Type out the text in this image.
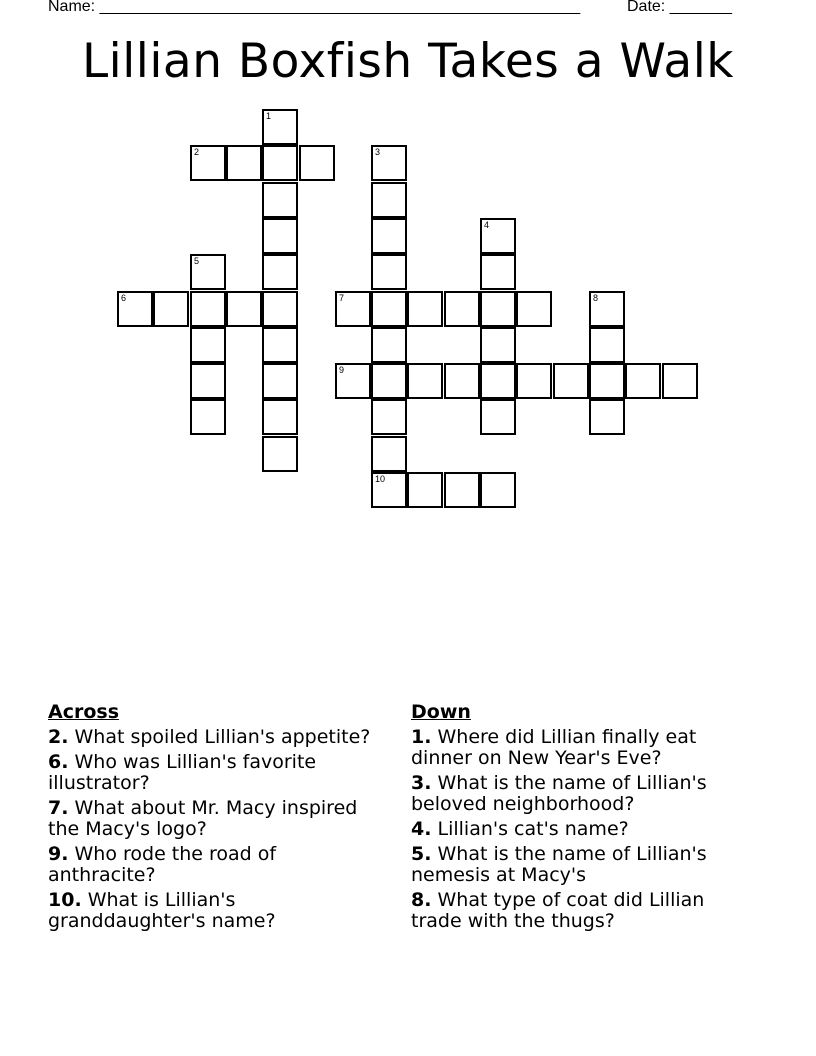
Name: ______________________________________________________	Date: _______
Lillian Boxfish Takes a Walk
1
2	3
4
5
6	7	8
9
10
Across
2. What spoiled Lillian's appetite?
6. Who was Lillian's favorite illustrator?
7. What about Mr. Macy inspired the Macy's logo?
9. Who rode the road of anthracite?
10. What is Lillian's granddaughter's name?
Down
1. Where did Lillian finally eat dinner on New Year's Eve?
3. What is the name of Lillian's beloved neighborhood?
4. Lillian's cat's name?
5. What is the name of Lillian's nemesis at Macy's
8. What type of coat did Lillian trade with the thugs?
